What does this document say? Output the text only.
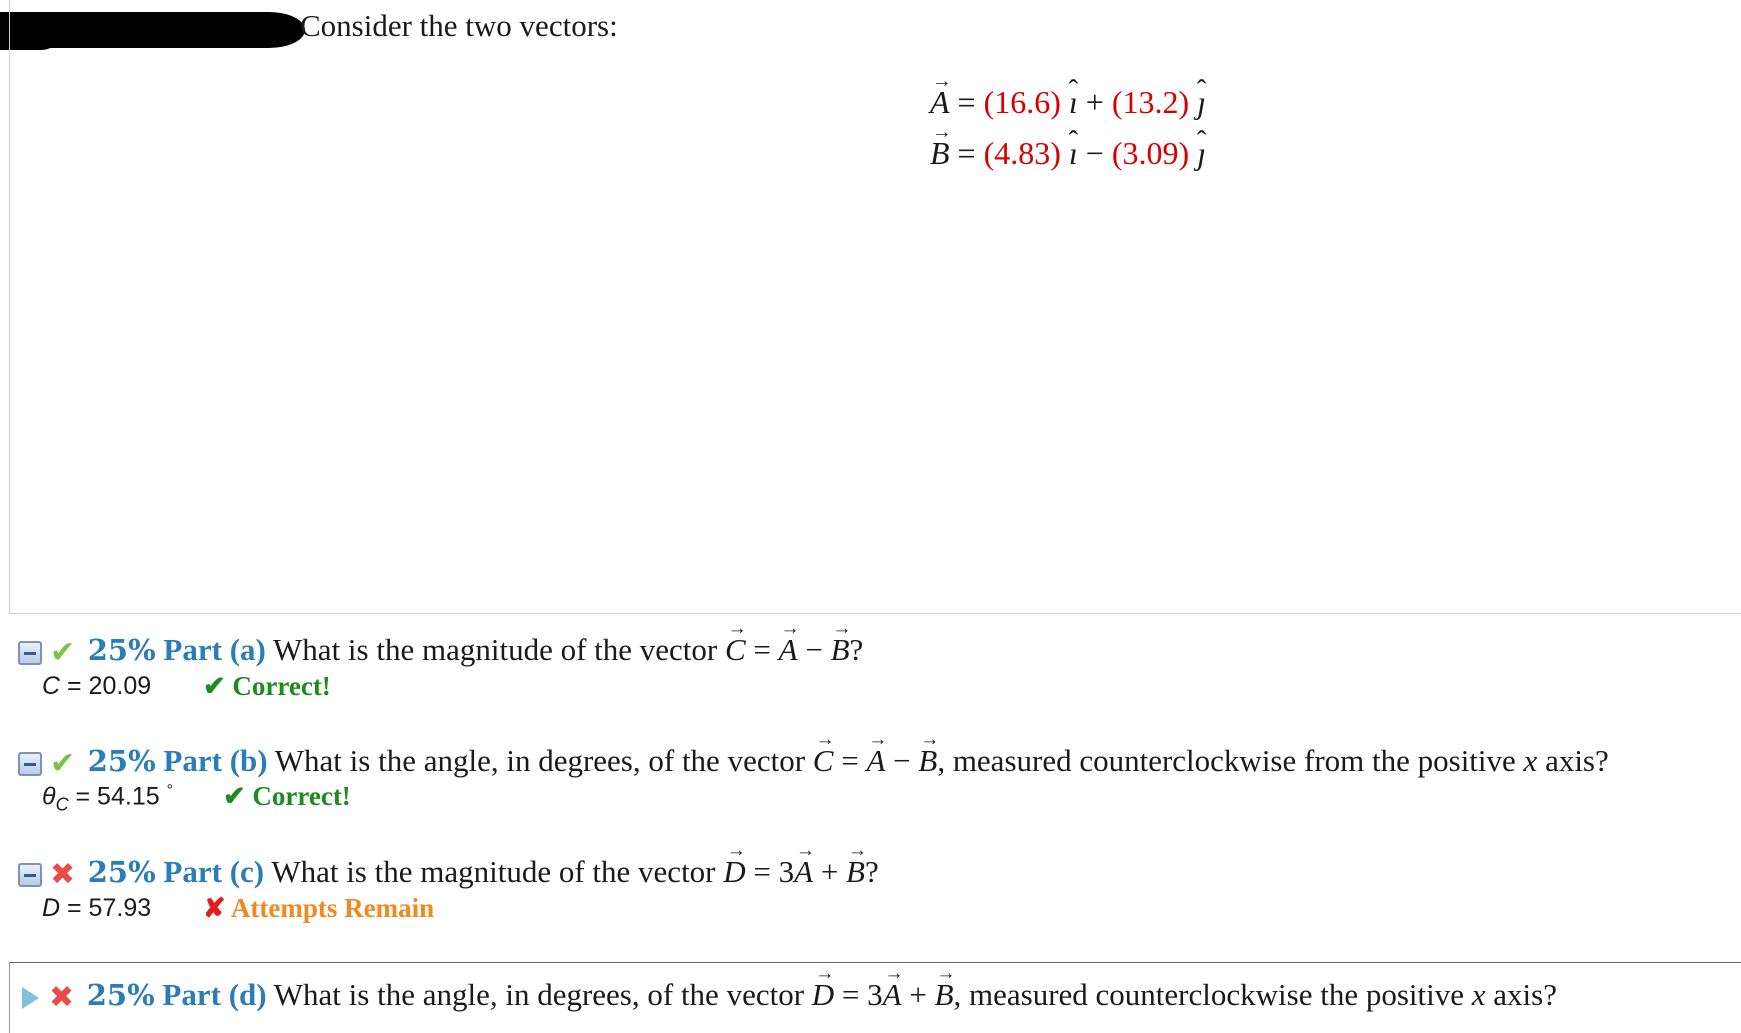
Consider the two vectors:
→ A = (16.6) ˆ ı + (13.2) ˆ ȷ
→ B = (4.83) ˆ ı − (3.09) ˆ ȷ
✔ 25% Part (a) What is the magnitude of the vector → C = → A − → B?
C = 20.09 ✔ Correct!
✔ 25% Part (b) What is the angle, in degrees, of the vector → C = → A − → B, measured counterclockwise from the positive x axis?
$\theta_C = 54.15$ ° ✔ Correct!
✖ 25% Part (c) What is the magnitude of the vector → D = 3→ A + → B?
D = 57.93 ✘ Attempts Remain
✖ 25% Part (d) What is the angle, in degrees, of the vector → D = 3→ A + → B, measured counterclockwise the positive x axis?
